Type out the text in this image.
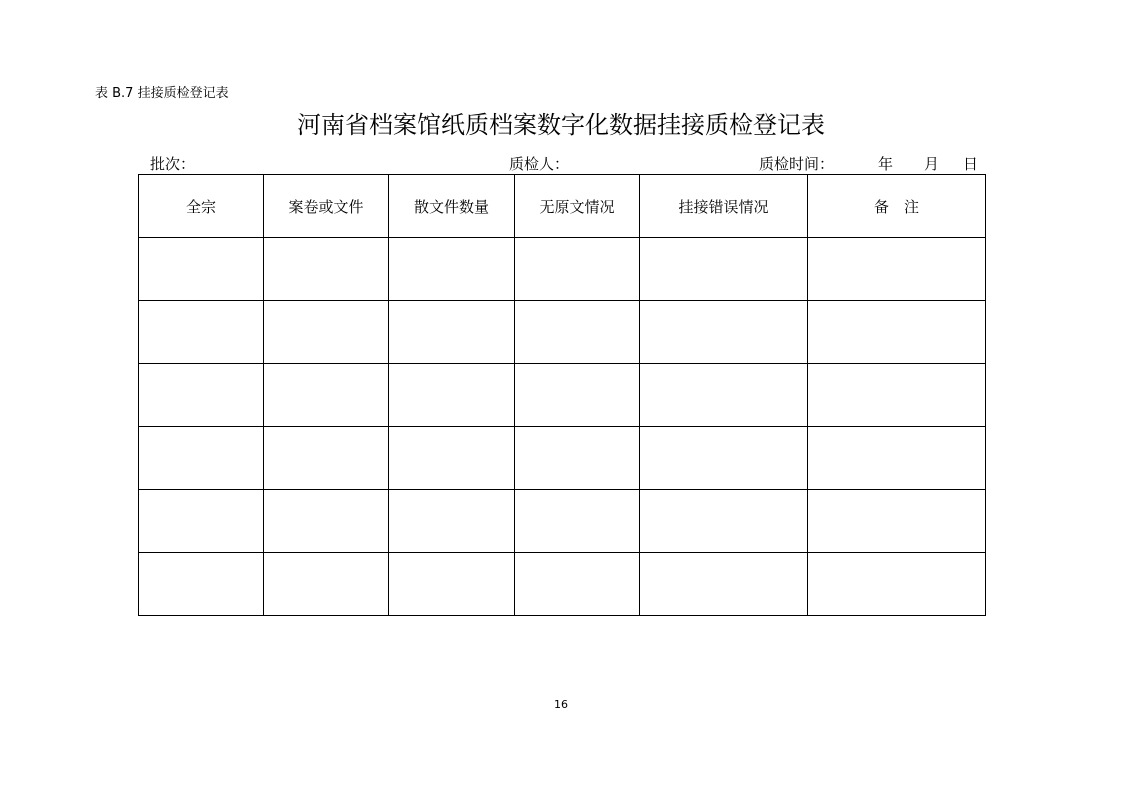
表 B.7 挂接质检登记表
河南省档案馆纸质档案数字化数据挂接质检登记表
批次：	质检人：	质检时间：	年 月 日
全宗	案卷或文件	散文件数量	无原文情况	挂接错误情况	备　注

16
